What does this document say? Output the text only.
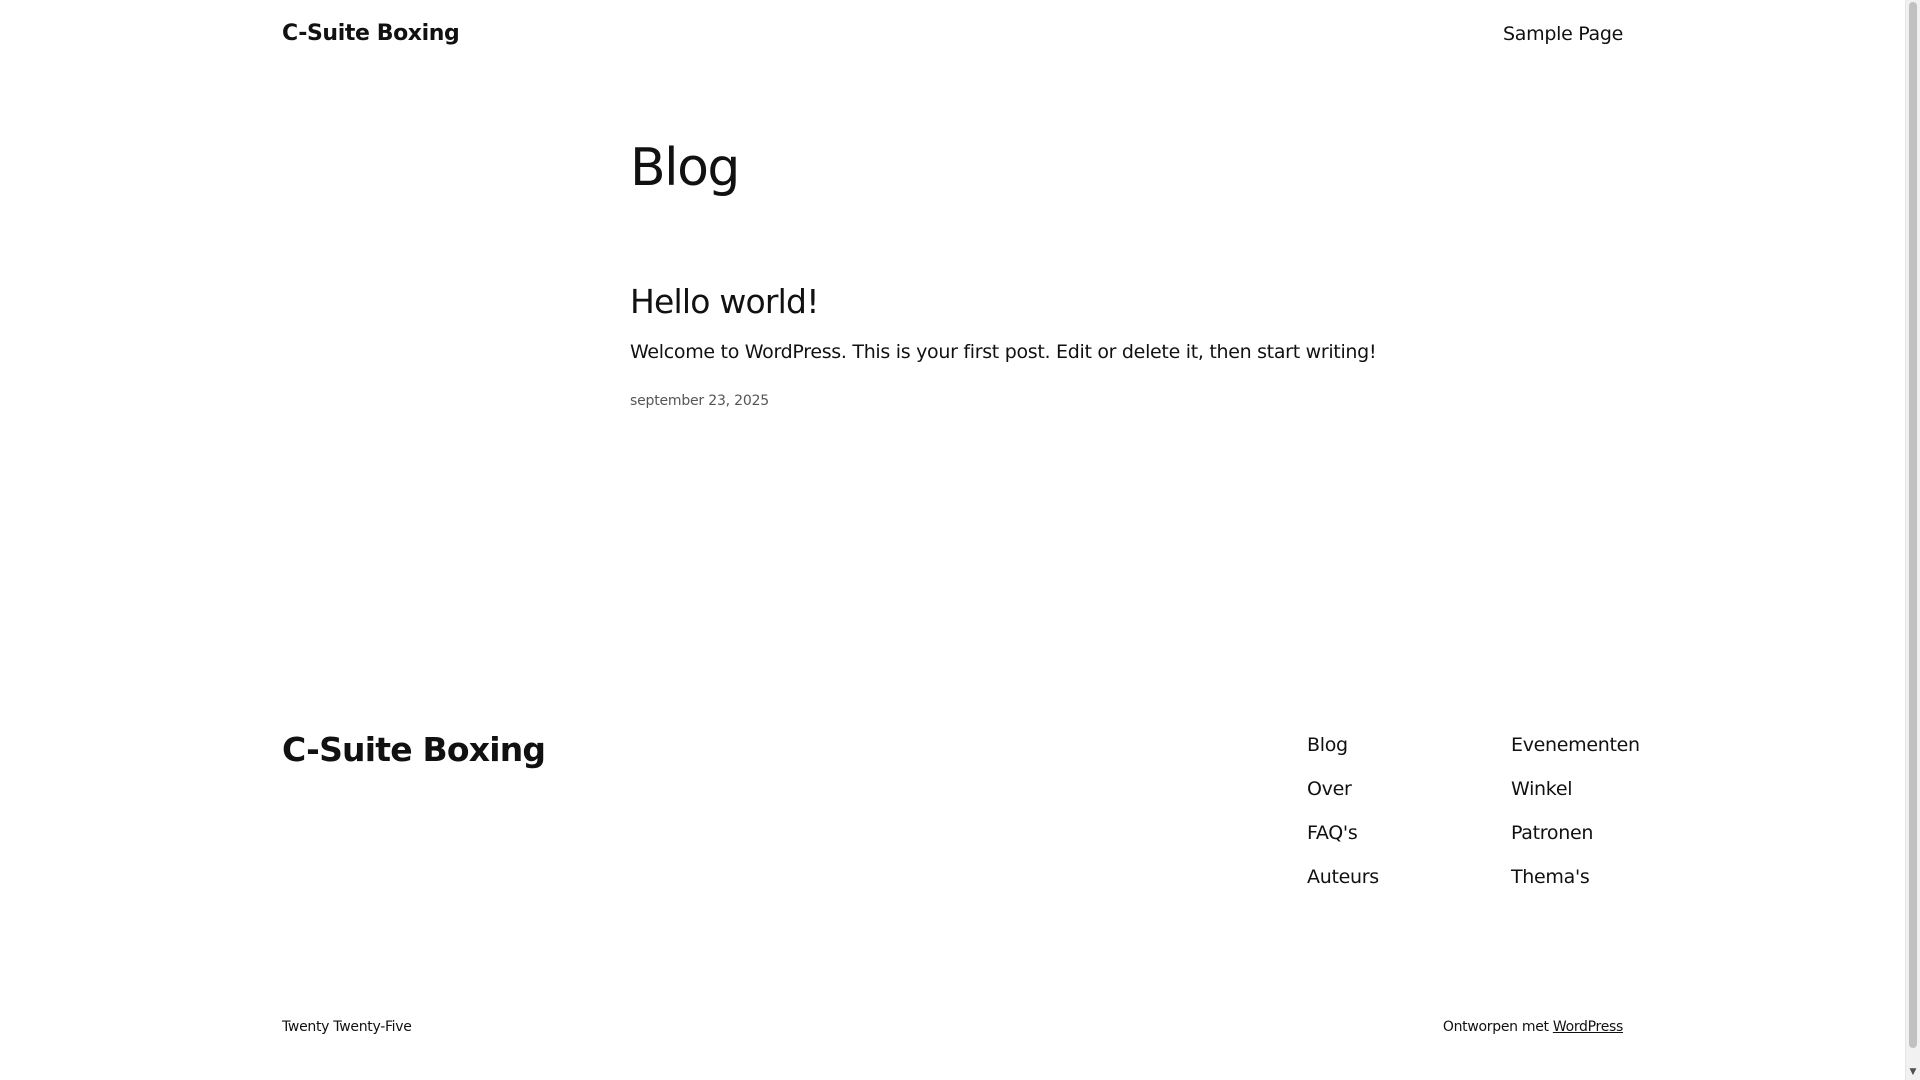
C-Suite Boxing	Sample Page
Blog
Hello world!

Welcome to WordPress. This is your first post. Edit or delete it, then start writing!

september 23, 2025
C-Suite Boxing	Blog
Over
FAQ's
Auteurs
Evenementen
Winkel
Patronen
Thema's
Twenty Twenty-Five	Ontworpen met WordPress
▼
